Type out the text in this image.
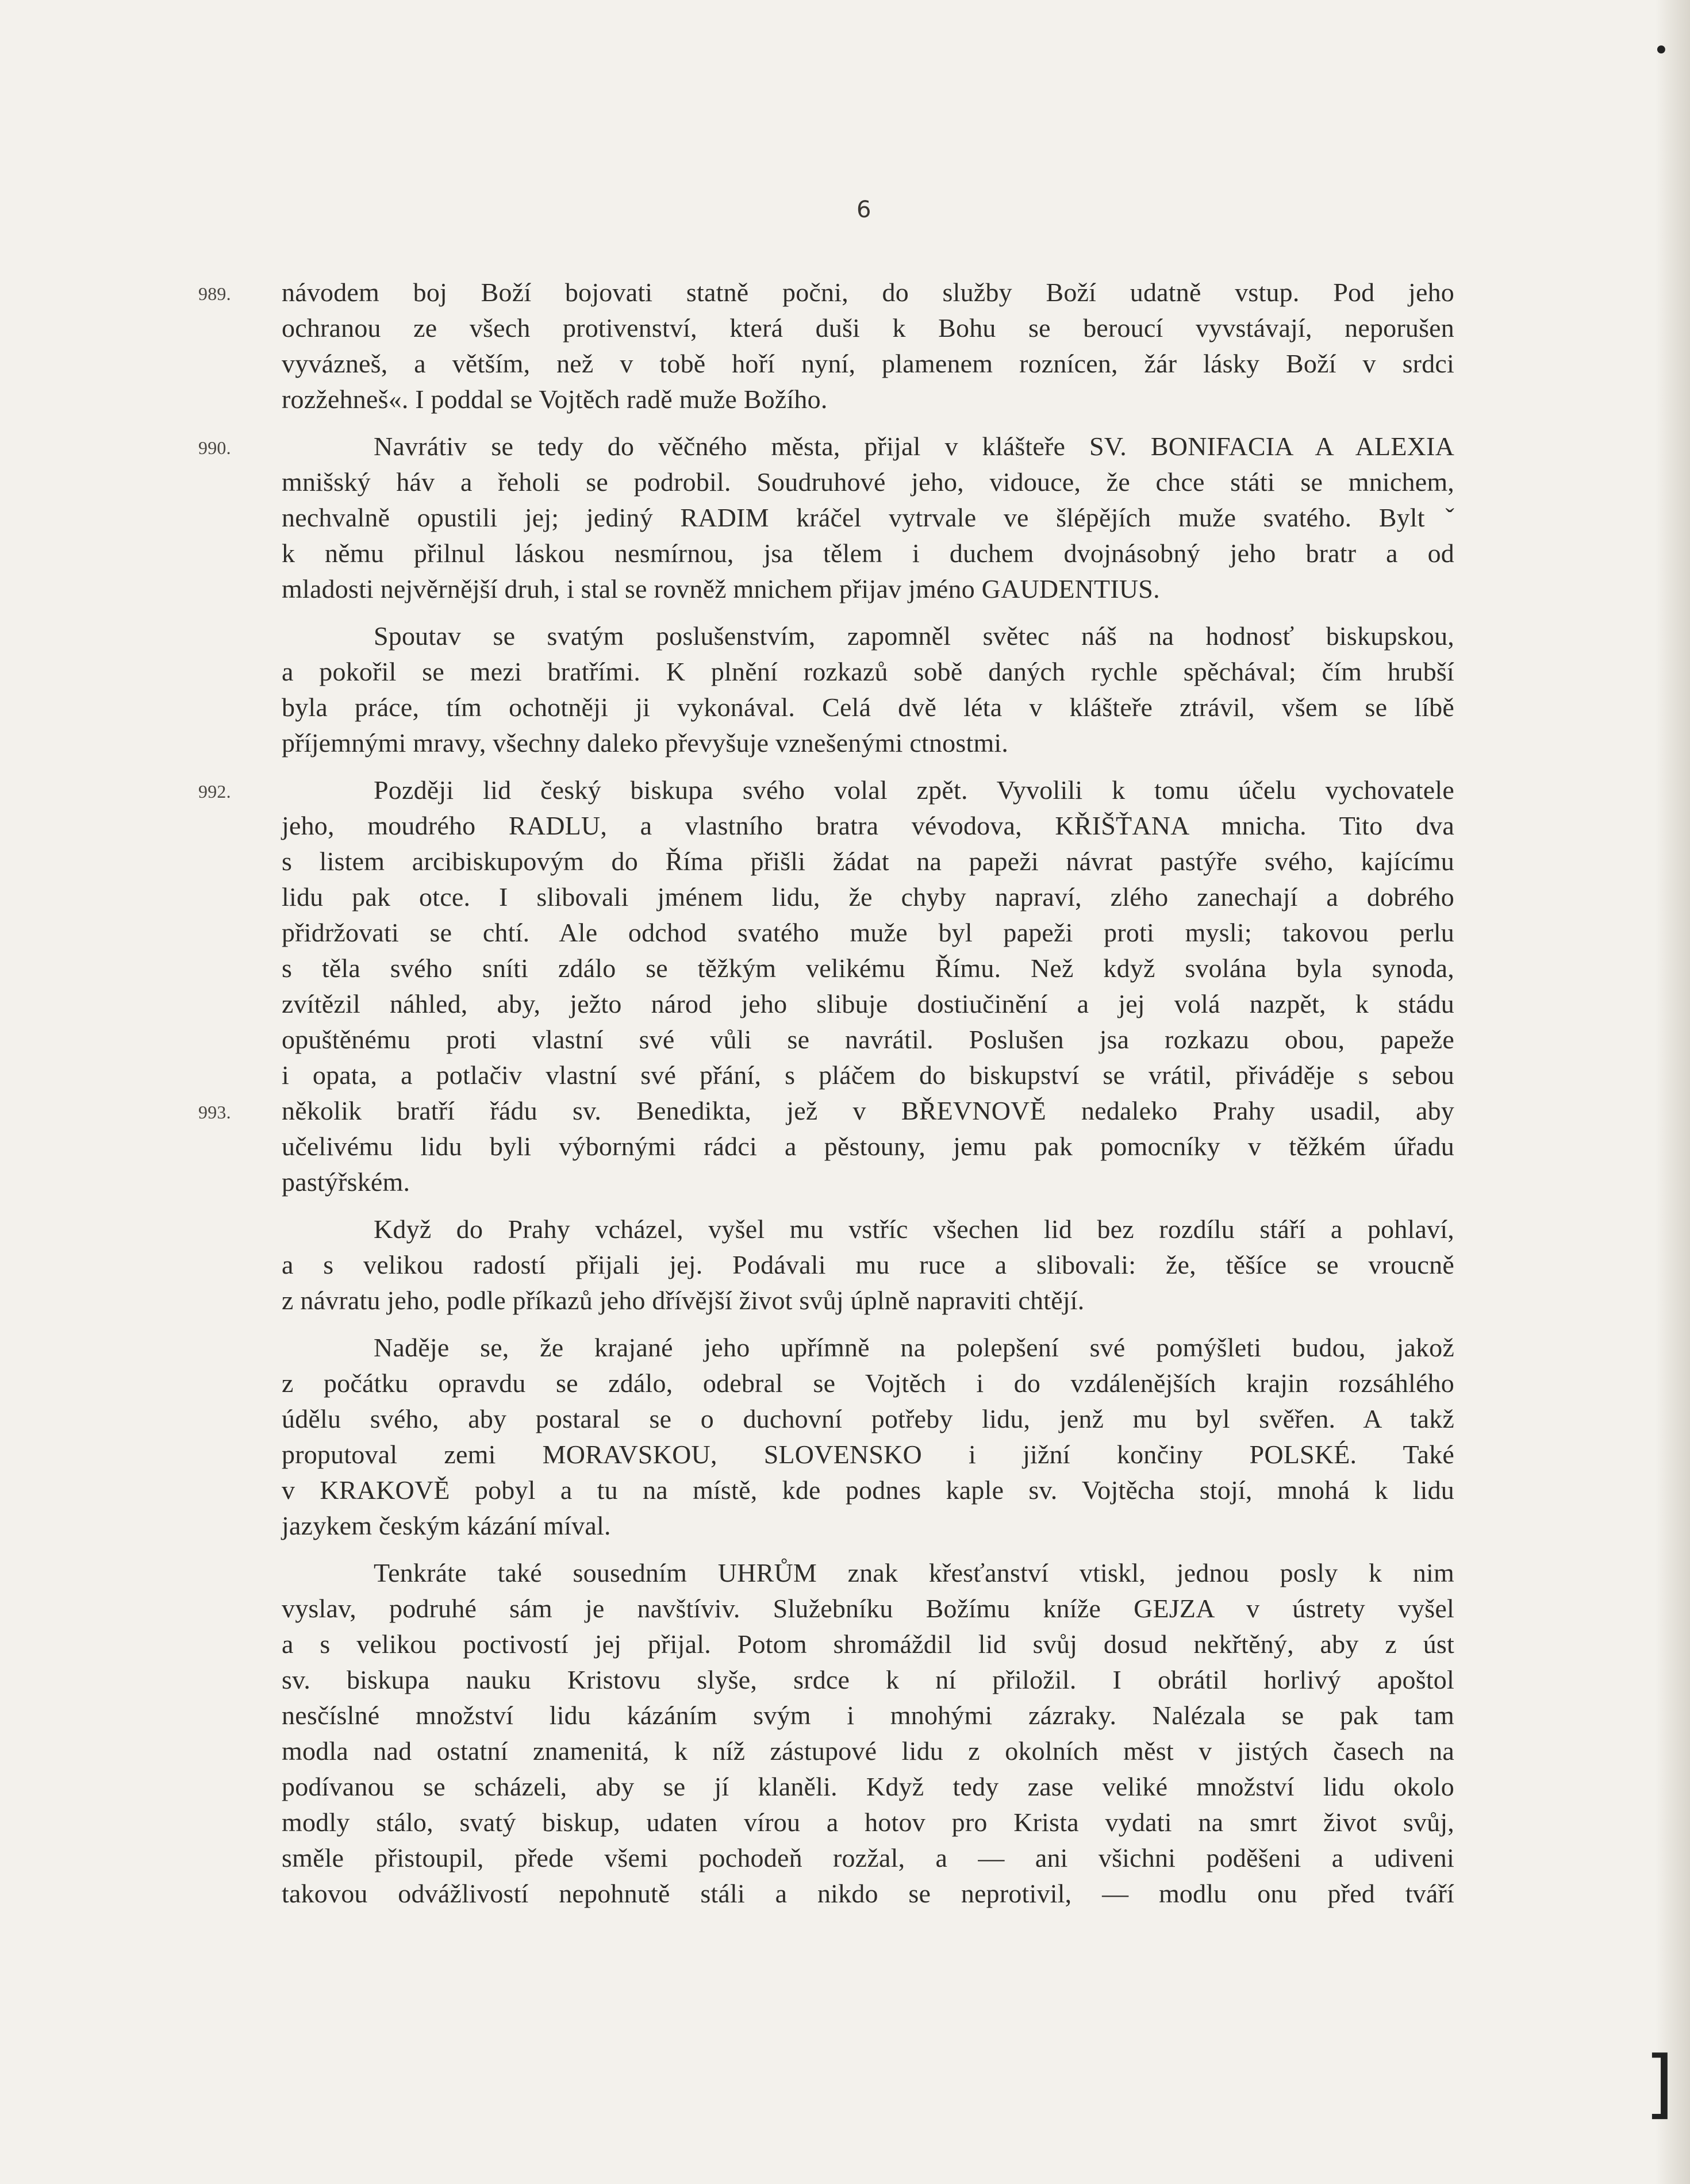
•
]
6
návodem boj Boží bojovati statně počni, do služby Boží udatně vstup. Pod jeho
989.
ochranou ze všech protivenství, která duši k Bohu se beroucí vyvstávají, neporušen
vyvázneš, a větším, než v tobě hoří nyní, plamenem roznícen, žár lásky Boží v srdci
rozžehneš«. I poddal se Vojtěch radě muže Božího.
Navrátiv se tedy do věčného města, přijal v klášteře SV. BONIFACIA A ALEXIA
990.
mnišský háv a řeholi se podrobil. Soudruhové jeho, vidouce, že chce státi se mnichem,
nechvalně opustili jej; jediný RADIM kráčel vytrvale ve šlépějích muže svatého. Byltˇ
k němu přilnul láskou nesmírnou, jsa tělem i duchem dvojnásobný jeho bratr a od
mladosti nejvěrnější druh, i stal se rovněž mnichem přijav jméno GAUDENTIUS.
Spoutav se svatým poslušenstvím, zapomněl světec náš na hodnosť biskupskou,
a pokořil se mezi bratřími. K plnění rozkazů sobě daných rychle spěchával; čím hrubší
byla práce, tím ochotněji ji vykonával. Celá dvě léta v klášteře ztrávil, všem se líbě
příjemnými mravy, všechny daleko převyšuje vznešenými ctnostmi.
Později lid český biskupa svého volal zpět. Vyvolili k tomu účelu vychovatele
992.
jeho, moudrého RADLU, a vlastního bratra vévodova, KŘIŠŤANA mnicha. Tito dva
s listem arcibiskupovým do Říma přišli žádat na papeži návrat pastýře svého, kajícímu
lidu pak otce. I slibovali jménem lidu, že chyby napraví, zlého zanechají a dobrého
přidržovati se chtí. Ale odchod svatého muže byl papeži proti mysli; takovou perlu
s těla svého sníti zdálo se těžkým velikému Římu. Než když svolána byla synoda,
zvítězil náhled, aby, ježto národ jeho slibuje dostiučinění a jej volá nazpět, k stádu
opuštěnému proti vlastní své vůli se navrátil. Poslušen jsa rozkazu obou, papeže
i opata, a potlačiv vlastní své přání, s pláčem do biskupství se vrátil, přiváděje s sebou
několik bratří řádu sv. Benedikta, jež v BŘEVNOVĚ nedaleko Prahy usadil, aby
993.
učelivému lidu byli výbornými rádci a pěstouny, jemu pak pomocníky v těžkém úřadu
pastýřském.
Když do Prahy vcházel, vyšel mu vstříc všechen lid bez rozdílu stáří a pohlaví,
a s velikou radostí přijali jej. Podávali mu ruce a slibovali: že, těšíce se vroucně
z návratu jeho, podle příkazů jeho dřívější život svůj úplně napraviti chtějí.
Naděje se, že krajané jeho upřímně na polepšení své pomýšleti budou, jakož
z počátku opravdu se zdálo, odebral se Vojtěch i do vzdálenějších krajin rozsáhlého
údělu svého, aby postaral se o duchovní potřeby lidu, jenž mu byl svěřen. A takž
proputoval zemi MORAVSKOU, SLOVENSKO i jižní končiny POLSKÉ. Také
v KRAKOVĚ pobyl a tu na místě, kde podnes kaple sv. Vojtěcha stojí, mnohá k lidu
jazykem českým kázání míval.
Tenkráte také sousedním UHRŮM znak křesťanství vtiskl, jednou posly k nim
vyslav, podruhé sám je navštíviv. Služebníku Božímu kníže GEJZA v ústrety vyšel
a s velikou poctivostí jej přijal. Potom shromáždil lid svůj dosud nekřtěný, aby z úst
sv. biskupa nauku Kristovu slyše, srdce k ní přiložil. I obrátil horlivý apoštol
nesčíslné množství lidu kázáním svým i mnohými zázraky. Nalézala se pak tam
modla nad ostatní znamenitá, k níž zástupové lidu z okolních měst v jistých časech na
podívanou se scházeli, aby se jí klaněli. Když tedy zase veliké množství lidu okolo
modly stálo, svatý biskup, udaten vírou a hotov pro Krista vydati na smrt život svůj,
směle přistoupil, přede všemi pochodeň rozžal, a — ani všichni poděšeni a udiveni
takovou odvážlivostí nepohnutě stáli a nikdo se neprotivil, — modlu onu před tváří
